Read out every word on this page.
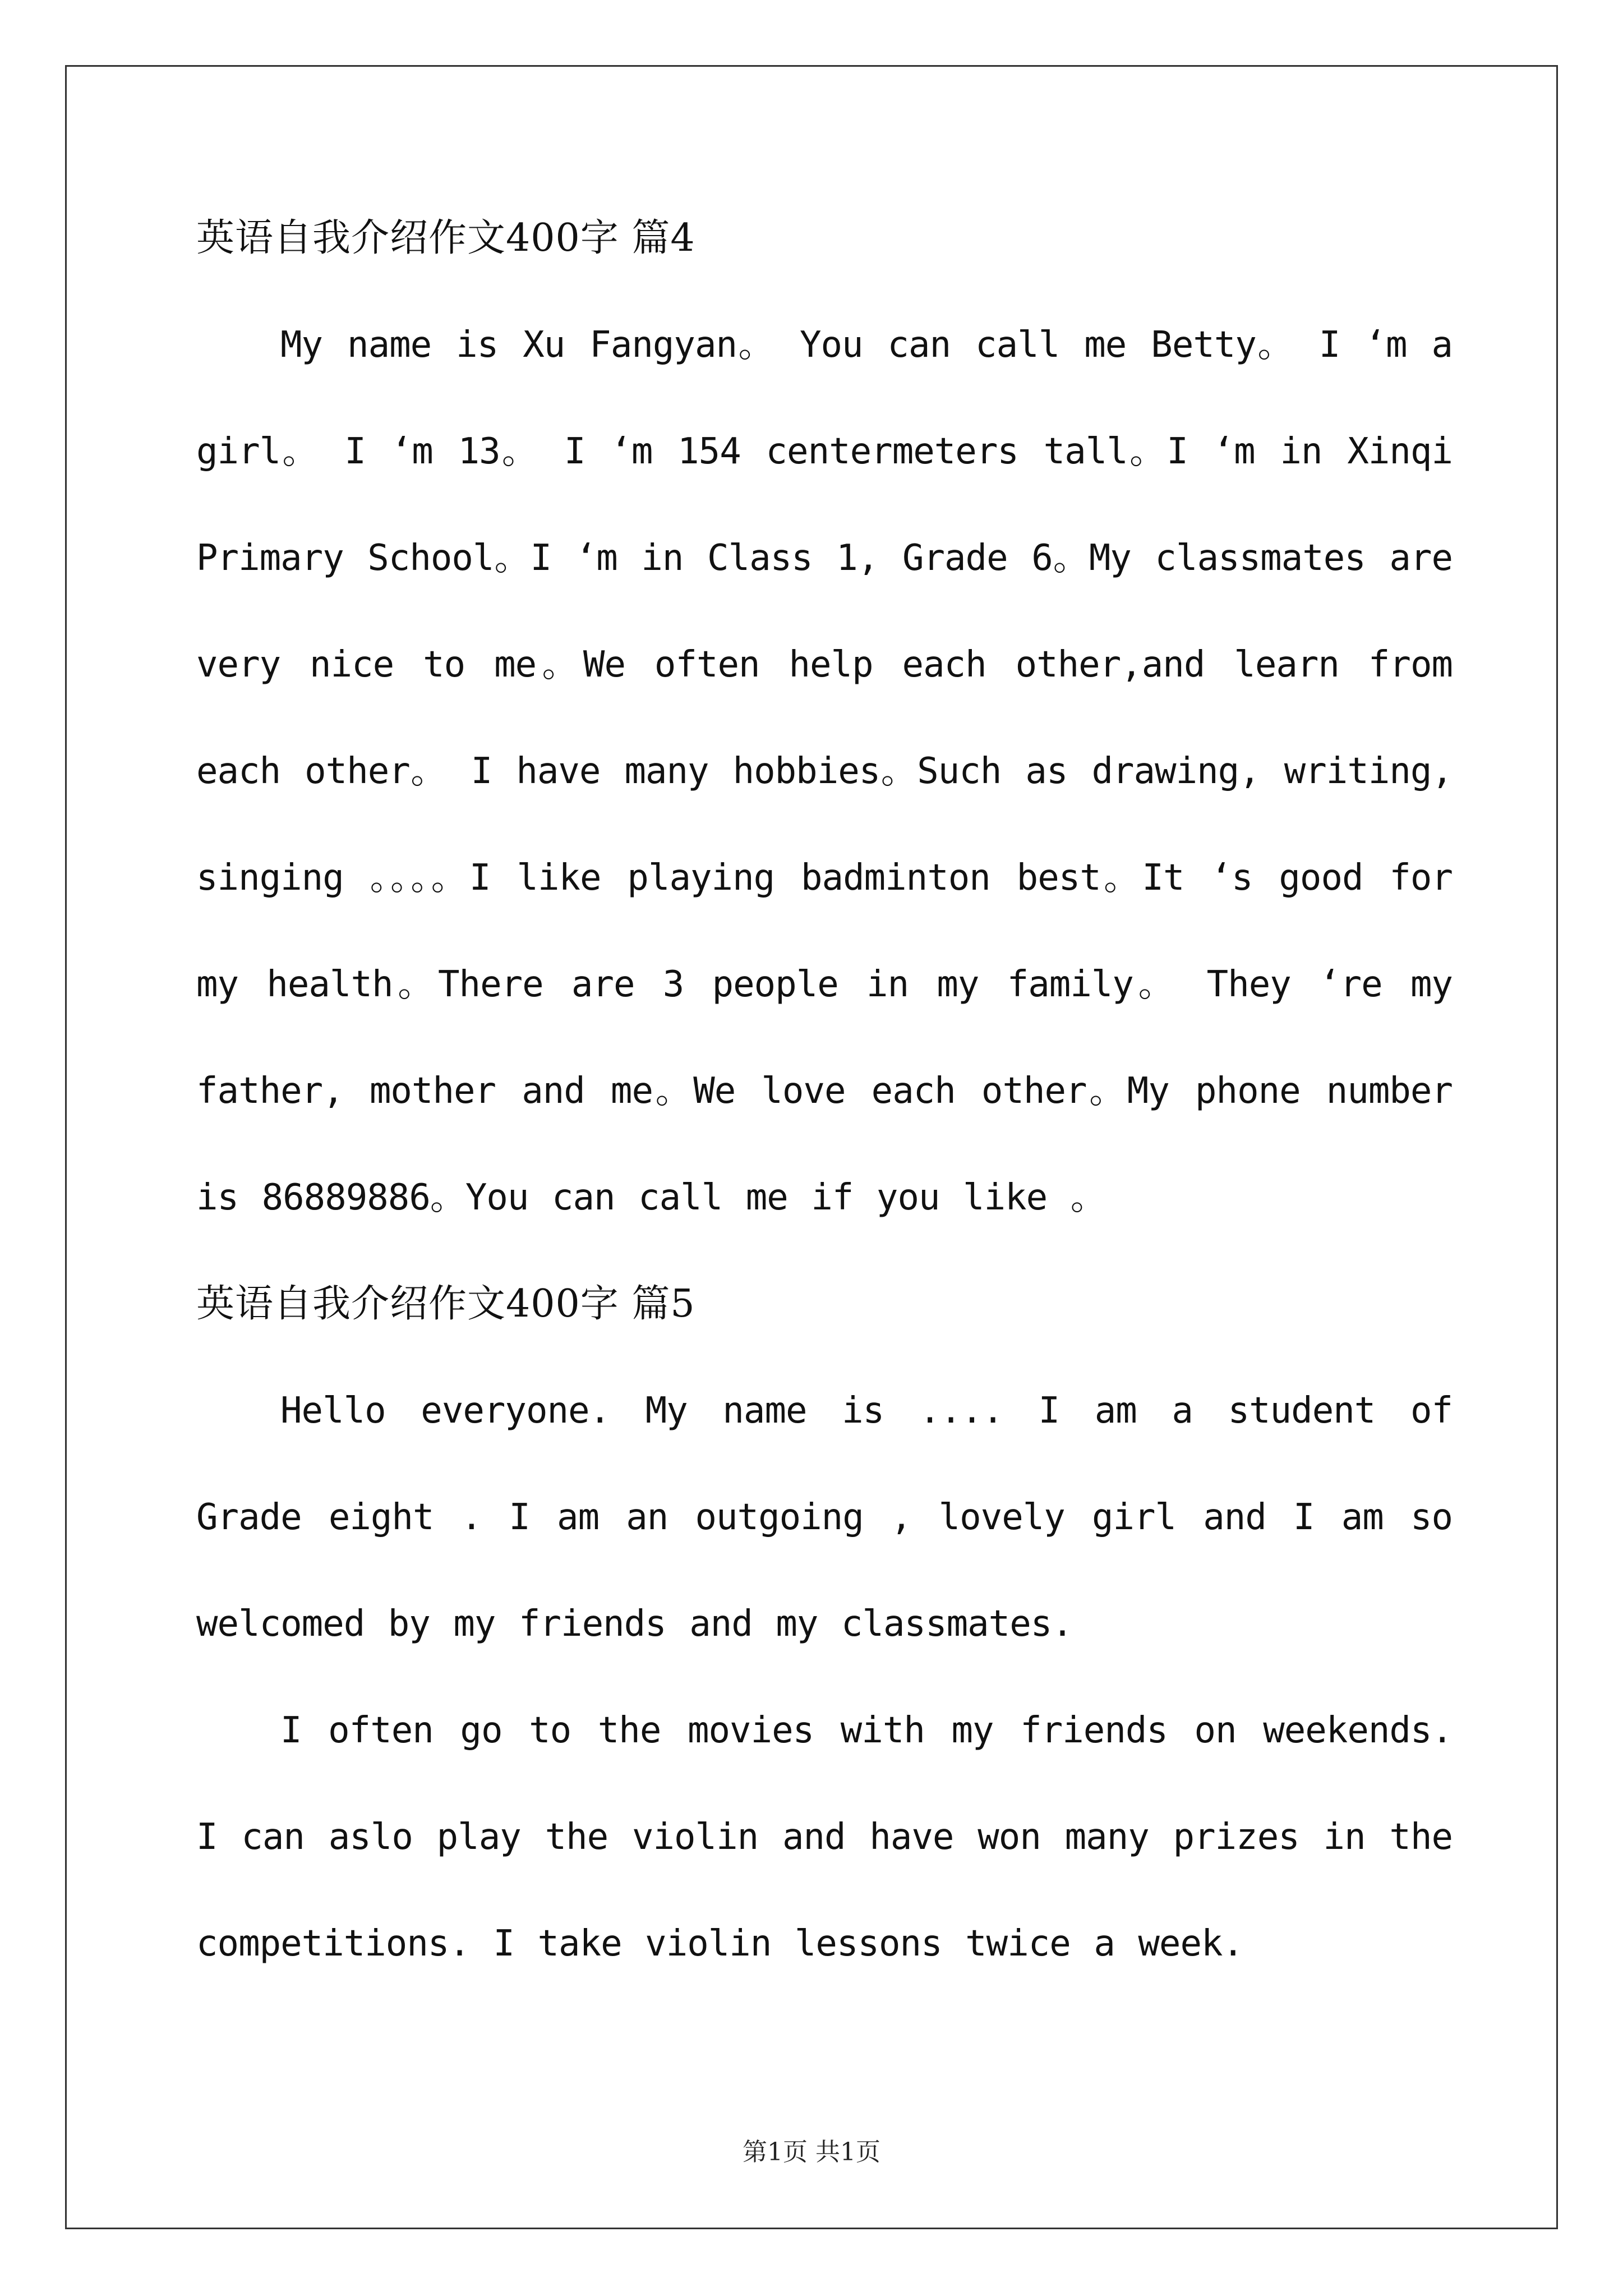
英语自我介绍作文400字 篇4

My name is Xu Fangyan。 You can call me Betty。 I ‘m a girl。 I ‘m 13。 I ‘m 154 centermeters tall。I ‘m in Xinqi Primary School。I ‘m in Class 1, Grade 6。My classmates are very nice to me。We often help each other,and learn from each other。 I have many hobbies。Such as drawing, writing, singing 。。。。I like playing badminton best。It ‘s good for my health。There are 3 people in my family。 They ‘re my father, mother and me。We love each other。My phone number is 86889886。You can call me if you like 。

英语自我介绍作文400字 篇5

Hello everyone. My name is .... I am a student of Grade eight . I am an outgoing , lovely girl and I am so welcomed by my friends and my classmates.

I often go to the movies with my friends on weekends. I can aslo play the violin and have won many prizes in the competitions. I take violin lessons twice a week.

第1页 共1页
